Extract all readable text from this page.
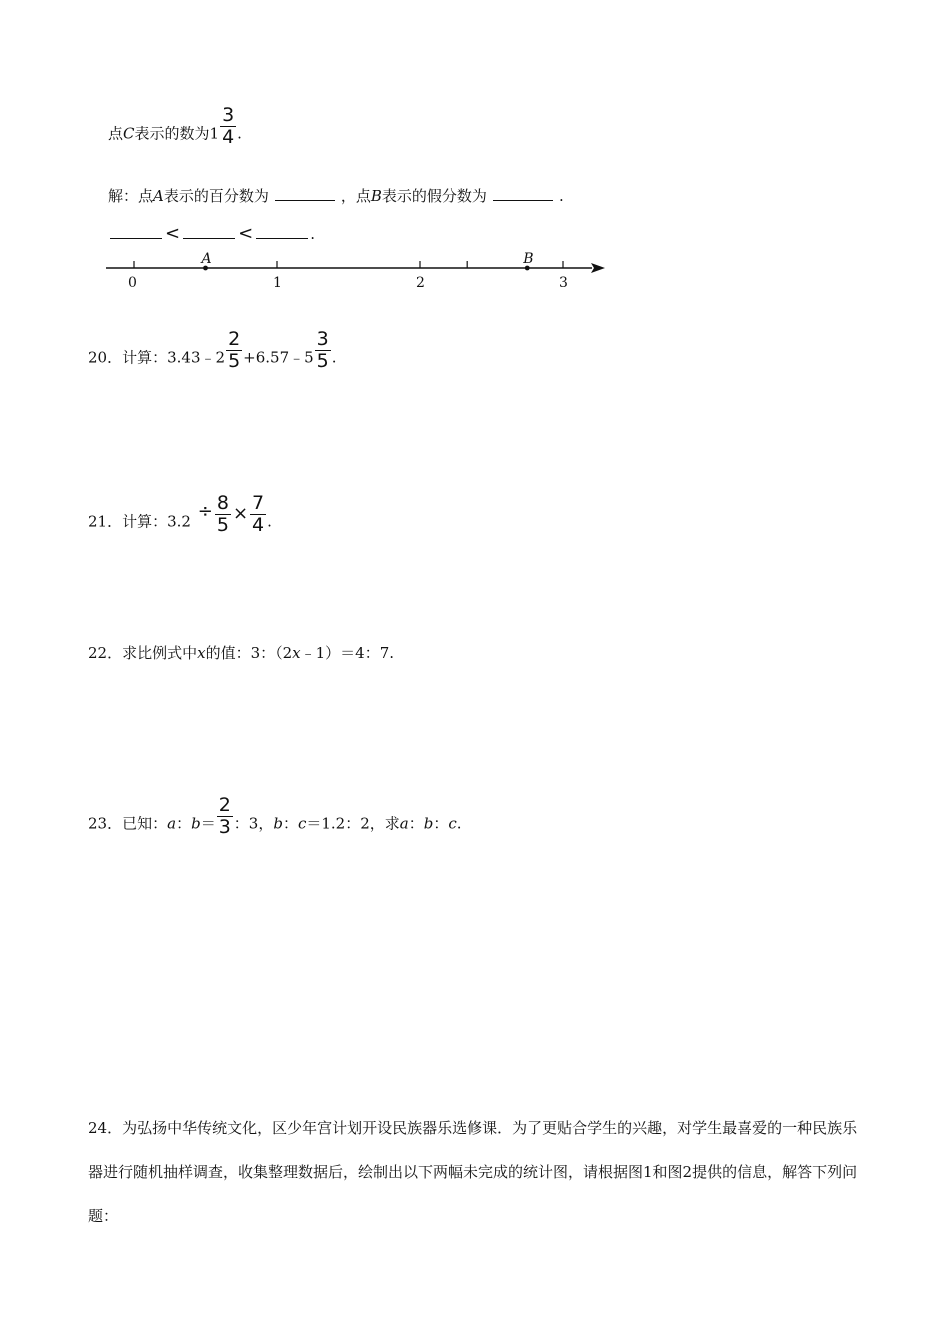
点C表示的数为$1 \frac{3}{4}$ .
解：点A表示的百分数为	，点B表示的假分数为	.
<	<	.
0	1	2	3
A	B
20．计算：3.43﹣2 $\frac{2}{5}$ +6.57﹣5 $\frac{3}{5}$ .
21．计算：$3.2 \div \frac{8}{5} \times \frac{7}{4}$ .
22．求比例式中x的值：3：（2x﹣1）＝4：7.
23．已知：a：$b= \frac{2}{3}$ ：3，b：c＝1.2：2，求a：b：c.
24．为弘扬中华传统文化，区少年宫计划开设民族器乐选修课．为了更贴合学生的兴趣，对学生最喜爱的一种民族乐器进行随机抽样调查，收集整理数据后，绘制出以下两幅未完成的统计图，请根据图1和图2提供的信息，解答下列问题：
